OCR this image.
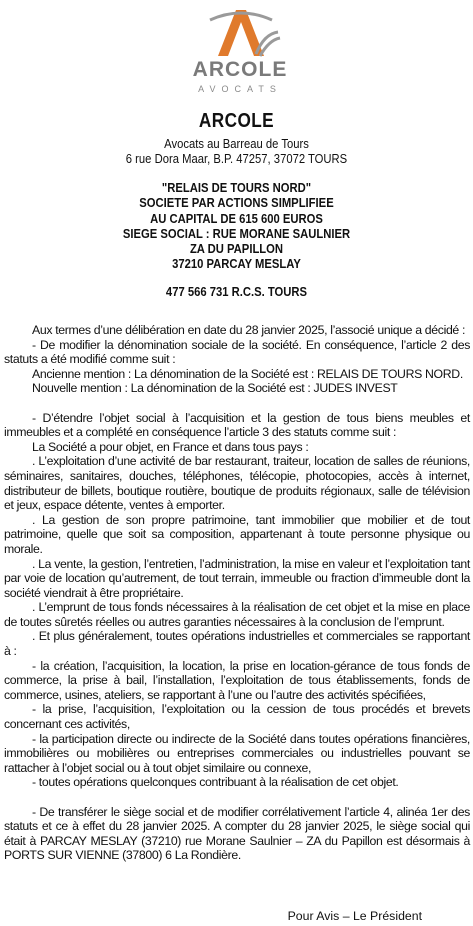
ARCOLE
AVOCATS
ARCOLE
Avocats au Barreau de Tours
6 rue Dora Maar, B.P. 47257, 37072 TOURS
"RELAIS DE TOURS NORD"
SOCIETE PAR ACTIONS SIMPLIFIEE
AU CAPITAL DE 615 600 EUROS
SIEGE SOCIAL : RUE MORANE SAULNIER
ZA DU PAPILLON
37210 PARCAY MESLAY
477 566 731 R.C.S. TOURS

Aux termes d’une délibération en date du 28 janvier 2025, l’associé unique a décidé :

- De modifier la dénomination sociale de la société. En conséquence, l’article 2 des statuts a été modifié comme suit :

Ancienne mention : La dénomination de la Société est : RELAIS DE TOURS NORD.

Nouvelle mention : La dénomination de la Société est : JUDES INVEST

- D’étendre l’objet social à l’acquisition et la gestion de tous biens meubles et immeubles et a complété en conséquence l’article 3 des statuts comme suit :

La Société a pour objet, en France et dans tous pays :

. L’exploitation d’une activité de bar restaurant, traiteur, location de salles de réunions, séminaires, sanitaires, douches, téléphones, télécopie, photocopies, accès à internet, distributeur de billets, boutique routière, boutique de produits régionaux, salle de télévision et jeux, espace détente, ventes à emporter.

. La gestion de son propre patrimoine, tant immobilier que mobilier et de tout patrimoine, quelle que soit sa composition, appartenant à toute personne physique ou morale.

. La vente, la gestion, l’entretien, l’administration, la mise en valeur et l’exploitation tant par voie de location qu’autrement, de tout terrain, immeuble ou fraction d’immeuble dont la société viendrait à être propriétaire.

. L’emprunt de tous fonds nécessaires à la réalisation de cet objet et la mise en place de toutes sûretés réelles ou autres garanties nécessaires à la conclusion de l’emprunt.

. Et plus généralement, toutes opérations industrielles et commerciales se rapportant à :

- la création, l’acquisition, la location, la prise en location-gérance de tous fonds de commerce, la prise à bail, l’installation, l’exploitation de tous établissements, fonds de commerce, usines, ateliers, se rapportant à l’une ou l’autre des activités spécifiées,

- la prise, l’acquisition, l’exploitation ou la cession de tous procédés et brevets concernant ces activités,

- la participation directe ou indirecte de la Société dans toutes opérations financières, immobilières ou mobilières ou entreprises commerciales ou industrielles pouvant se rattacher à l’objet social ou à tout objet similaire ou connexe,

- toutes opérations quelconques contribuant à la réalisation de cet objet.

- De transférer le siège social et de modifier corrélativement l’article 4, alinéa 1er des statuts et ce à effet du 28 janvier 2025. A compter du 28 janvier 2025, le siège social qui était à PARCAY MESLAY (37210) rue Morane Saulnier – ZA du Papillon est désormais à PORTS SUR VIENNE (37800) 6 La Rondière.

Pour Avis – Le Président
